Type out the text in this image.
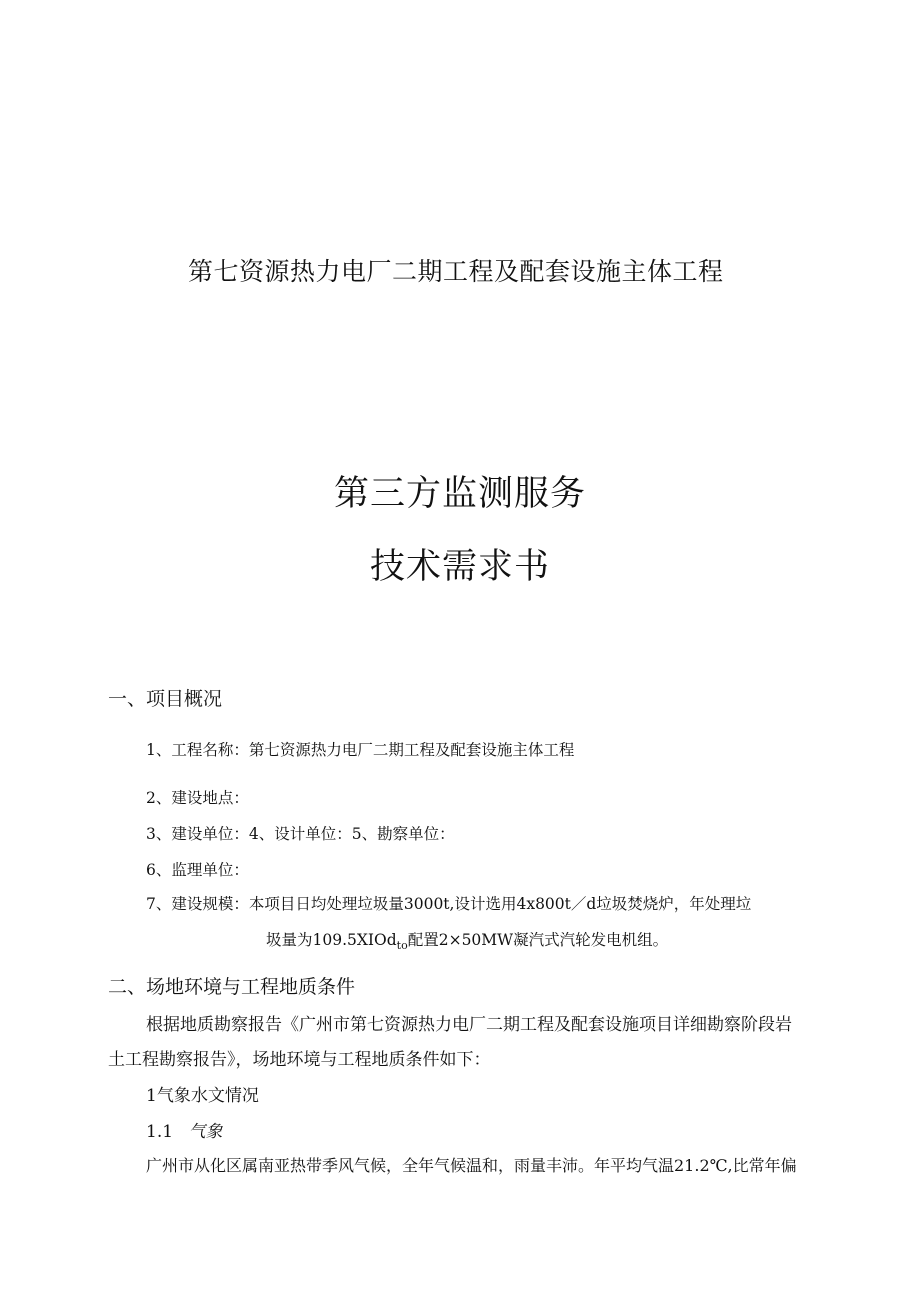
第七资源热力电厂二期工程及配套设施主体工程
第三方监测服务
技术需求书
一、项目概况
1、工程名称：第七资源热力电厂二期工程及配套设施主体工程
2、建设地点：
3、建设单位：4、设计单位：5、勘察单位：
6、监理单位：
7、建设规模：本项目日均处理垃圾量3000t,设计选用4x800t／d垃圾焚烧炉，年处理垃
圾量为109.5XIOd$_{to}$配置2×50MW凝汽式汽轮发电机组。
二、场地环境与工程地质条件
根据地质勘察报告《广州市第七资源热力电厂二期工程及配套设施项目详细勘察阶段岩
土工程勘察报告》，场地环境与工程地质条件如下：
1气象水文情况
1.1 气象
广州市从化区属南亚热带季风气候，全年气候温和，雨量丰沛。年平均气温21.2℃,比常年偏
